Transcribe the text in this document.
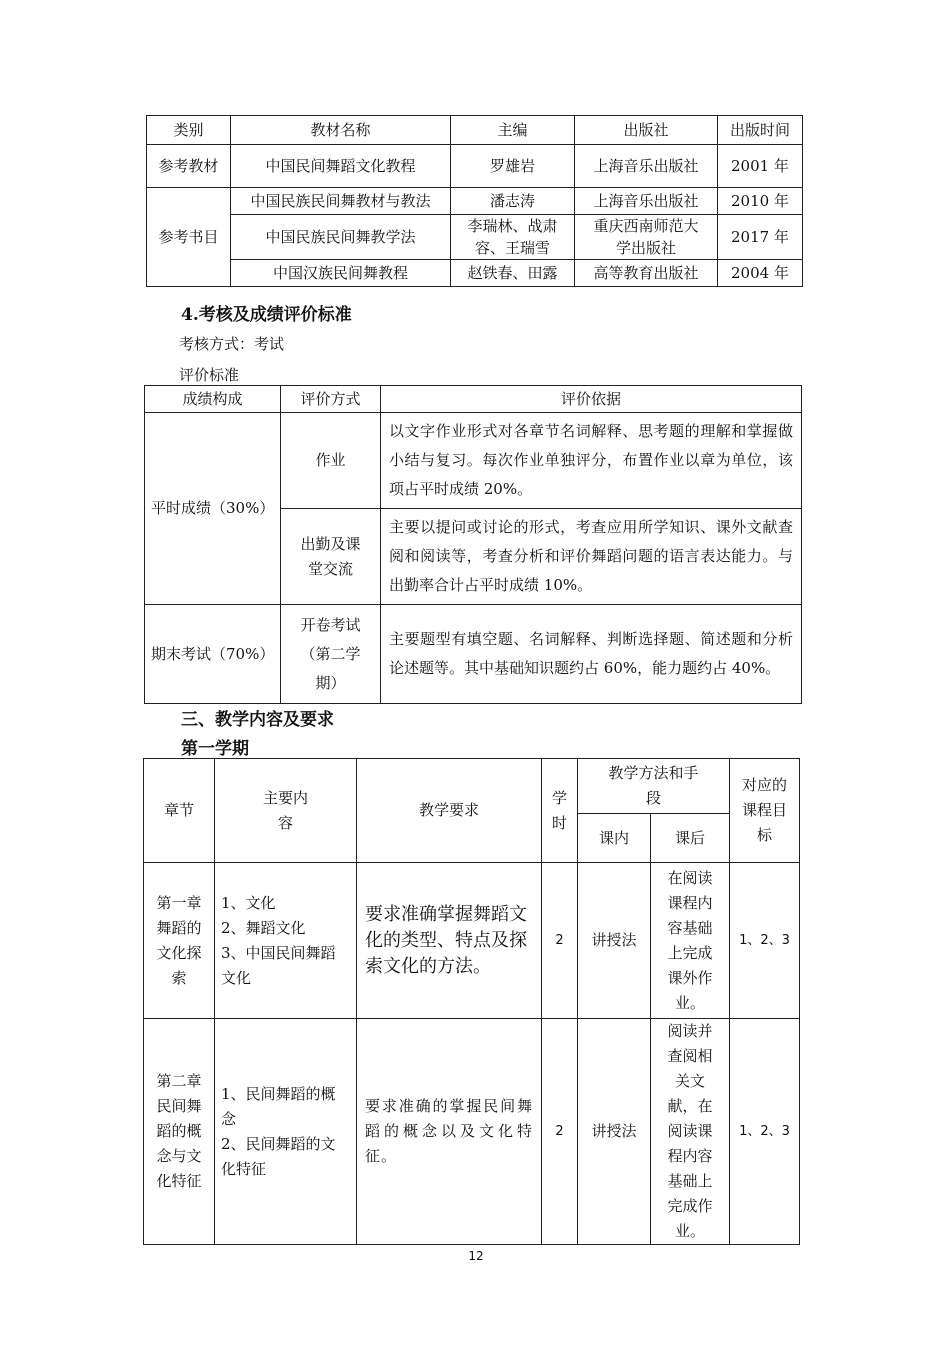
类别	教材名称	主编	出版社	出版时间
参考教材	中国民间舞蹈文化教程	罗雄岩	上海音乐出版社	2001 年
参考书目	中国民族民间舞教材与教法	潘志涛	上海音乐出版社	2010 年
	中国民族民间舞教学法	李瑞林、战肃容、王瑞雪	重庆西南师范大学出版社	2017 年
	中国汉族民间舞教程	赵铁春、田露	高等教育出版社	2004 年
4.考核及成绩评价标准
考核方式：考试
评价标准
成绩构成	评价方式	评价依据
平时成绩（30%）	作业	以文字作业形式对各章节名词解释、思考题的理解和掌握做小结与复习。每次作业单独评分，布置作业以章为单位，该项占平时成绩 20%。
	出勤及课堂交流	主要以提问或讨论的形式，考查应用所学知识、课外文献查阅和阅读等，考查分析和评价舞蹈问题的语言表达能力。与出勤率合计占平时成绩 10%。
期末考试（70%）	开卷考试（第二学期）	主要题型有填空题、名词解释、判断选择题、简述题和分析论述题等。其中基础知识题约占 60%，能力题约占 40%。
三、教学内容及要求
第一学期
章节	主要内容	教学要求	学时	教学方法和手段		对应的课程目标
				课内	课后	
第一章舞蹈的文化探索	1、文化
2、舞蹈文化
3、中国民间舞蹈文化	要求准确掌握舞蹈文化的类型、特点及探索文化的方法。	2	讲授法	在阅读课程内容基础上完成课外作业。	1、2、3
第二章民间舞蹈的概念与文化特征	1、民间舞蹈的概念
2、民间舞蹈的文化特征	要求准确的掌握民间舞蹈的概念以及文化特征。	2	讲授法	阅读并查阅相关文献，在阅读课程内容基础上完成作业。	1、2、3
12
